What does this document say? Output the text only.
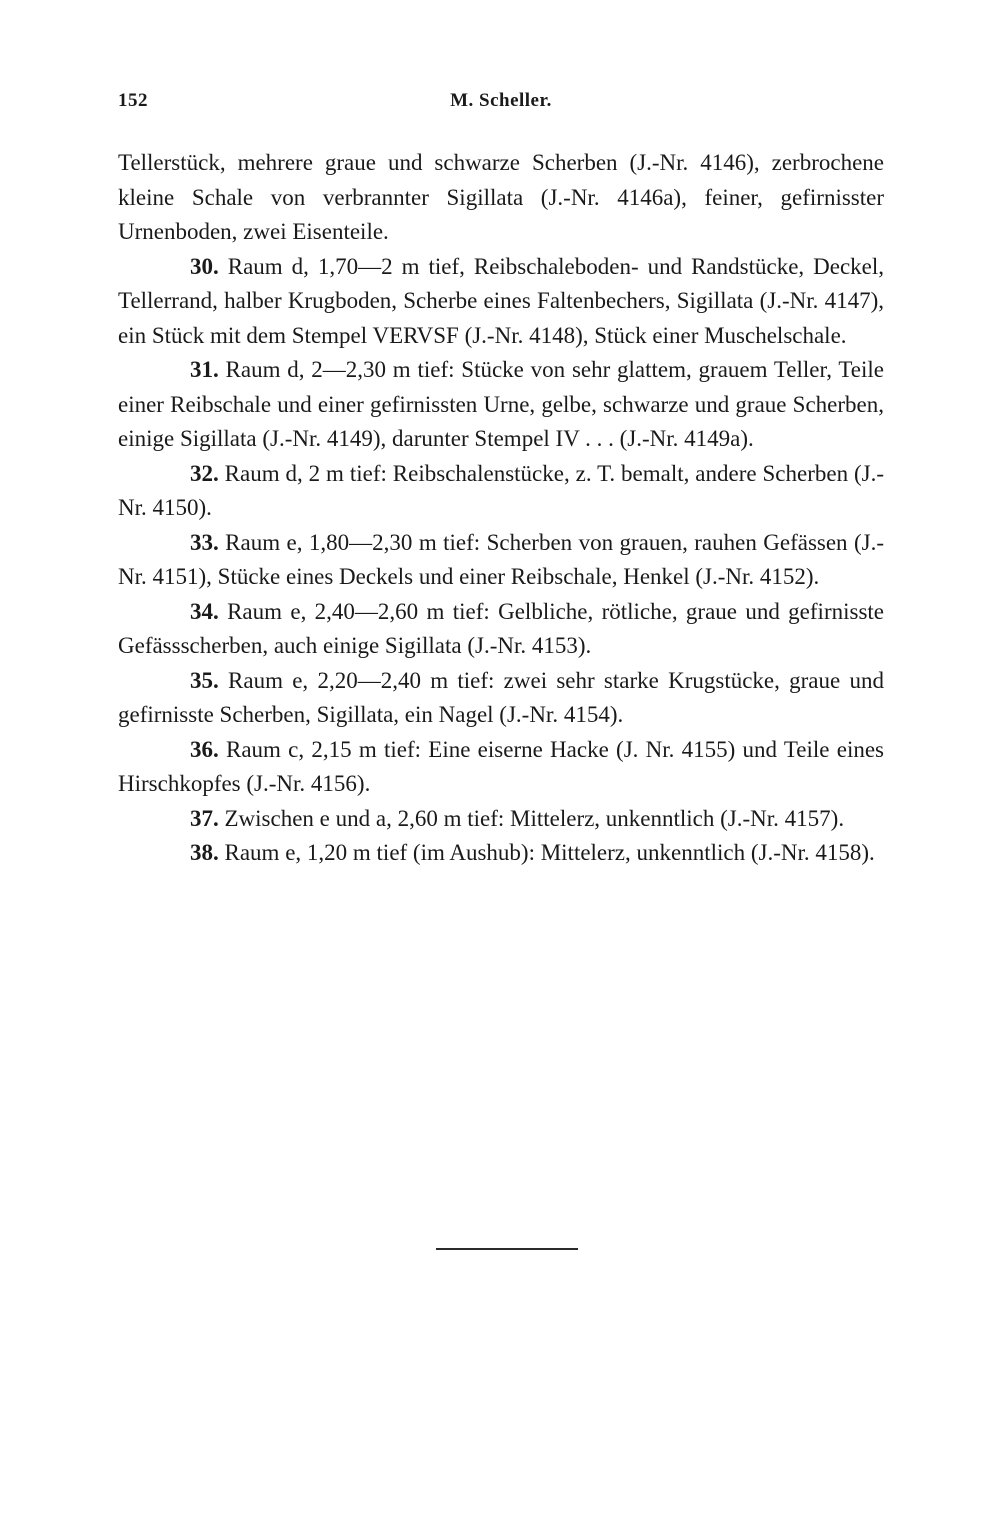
152	M. Scheller.

Tellerstück, mehrere graue und schwarze Scherben (J.-Nr. 4146), zerbrochene kleine Schale von verbrannter Sigillata (J.-Nr. 4146a), feiner, gefirnisster Urnenboden, zwei Eisenteile.

30. Raum d, 1,70—2 m tief, Reibschaleboden- und Randstücke, Deckel, Tellerrand, halber Krugboden, Scherbe eines Faltenbechers, Sigillata (J.-Nr. 4147), ein Stück mit dem Stempel VERVSF (J.-Nr. 4148), Stück einer Muschelschale.

31. Raum d, 2—2,30 m tief: Stücke von sehr glattem, grauem Teller, Teile einer Reibschale und einer gefirnissten Urne, gelbe, schwarze und graue Scherben, einige Sigillata (J.-Nr. 4149), darunter Stempel IV . . . (J.-Nr. 4149a).

32. Raum d, 2 m tief: Reibschalenstücke, z. T. bemalt, andere Scherben (J.-Nr. 4150).

33. Raum e, 1,80—2,30 m tief: Scherben von grauen, rauhen Gefässen (J.-Nr. 4151), Stücke eines Deckels und einer Reibschale, Henkel (J.-Nr. 4152).

34. Raum e, 2,40—2,60 m tief: Gelbliche, rötliche, graue und gefirnisste Gefässscherben, auch einige Sigillata (J.-Nr. 4153).

35. Raum e, 2,20—2,40 m tief: zwei sehr starke Krugstücke, graue und gefirnisste Scherben, Sigillata, ein Nagel (J.-Nr. 4154).

36. Raum c, 2,15 m tief: Eine eiserne Hacke (J. Nr. 4155) und Teile eines Hirschkopfes (J.-Nr. 4156).

37. Zwischen e und a, 2,60 m tief: Mittelerz, unkenntlich (J.-Nr. 4157).

38. Raum e, 1,20 m tief (im Aushub): Mittelerz, unkenntlich (J.-Nr. 4158).
